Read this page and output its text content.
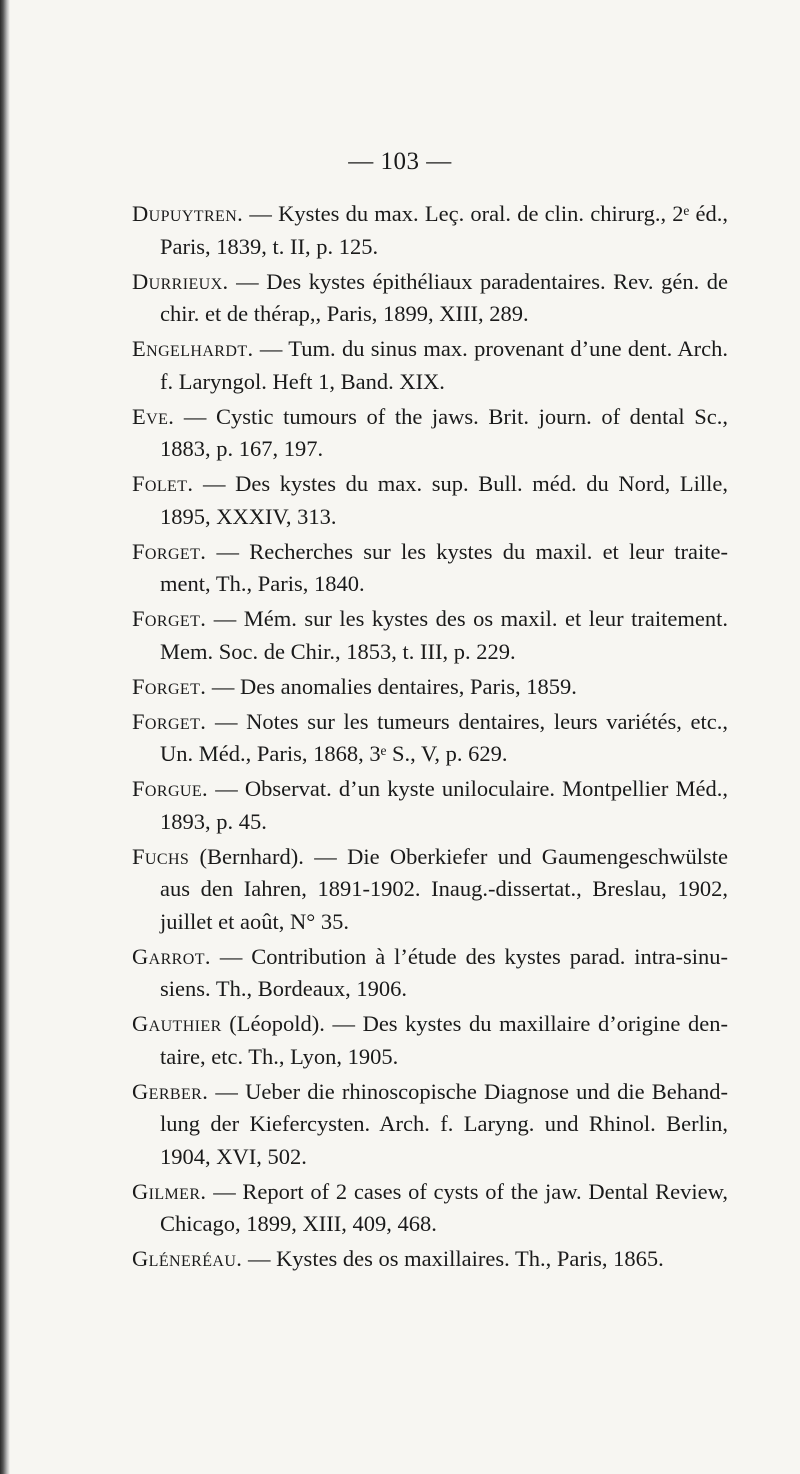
— 103 —

Dupuytren. — Kystes du max. Leç. oral. de clin. chirurg., 2ᵉ éd., Paris, 1839, t. II, p. 125.

Durrieux. — Des kystes épithéliaux paradentaires. Rev. gén. de chir. et de thérap,, Paris, 1899, XIII, 289.

Engelhardt. — Tum. du sinus max. provenant d’une dent. Arch. f. Laryngol. Heft 1, Band. XIX.

Eve. — Cystic tumours of the jaws. Brit. journ. of dental Sc., 1883, p. 167, 197.

Folet. — Des kystes du max. sup. Bull. méd. du Nord, Lille, 1895, XXXIV, 313.

Forget. — Recherches sur les kystes du maxil. et leur traite- ment, Th., Paris, 1840.

Forget. — Mém. sur les kystes des os maxil. et leur traitement. Mem. Soc. de Chir., 1853, t. III, p. 229.

Forget. — Des anomalies dentaires, Paris, 1859.

Forget. — Notes sur les tumeurs dentaires, leurs variétés, etc., Un. Méd., Paris, 1868, 3ᵉ S., V, p. 629.

Forgue. — Observat. d’un kyste uniloculaire. Montpellier Méd., 1893, p. 45.

Fuchs (Bernhard). — Die Oberkiefer und Gaumengeschwülste aus den Iahren, 1891-1902. Inaug.-dissertat., Breslau, 1902, juillet et août, N° 35.

Garrot. — Contribution à l’étude des kystes parad. intra-sinu- siens. Th., Bordeaux, 1906.

Gauthier (Léopold). — Des kystes du maxillaire d’origine den- taire, etc. Th., Lyon, 1905.

Gerber. — Ueber die rhinoscopische Diagnose und die Behand- lung der Kiefercysten. Arch. f. Laryng. und Rhinol. Berlin, 1904, XVI, 502.

Gilmer. — Report of 2 cases of cysts of the jaw. Dental Review, Chicago, 1899, XIII, 409, 468.

Gléneréau. — Kystes des os maxillaires. Th., Paris, 1865.
